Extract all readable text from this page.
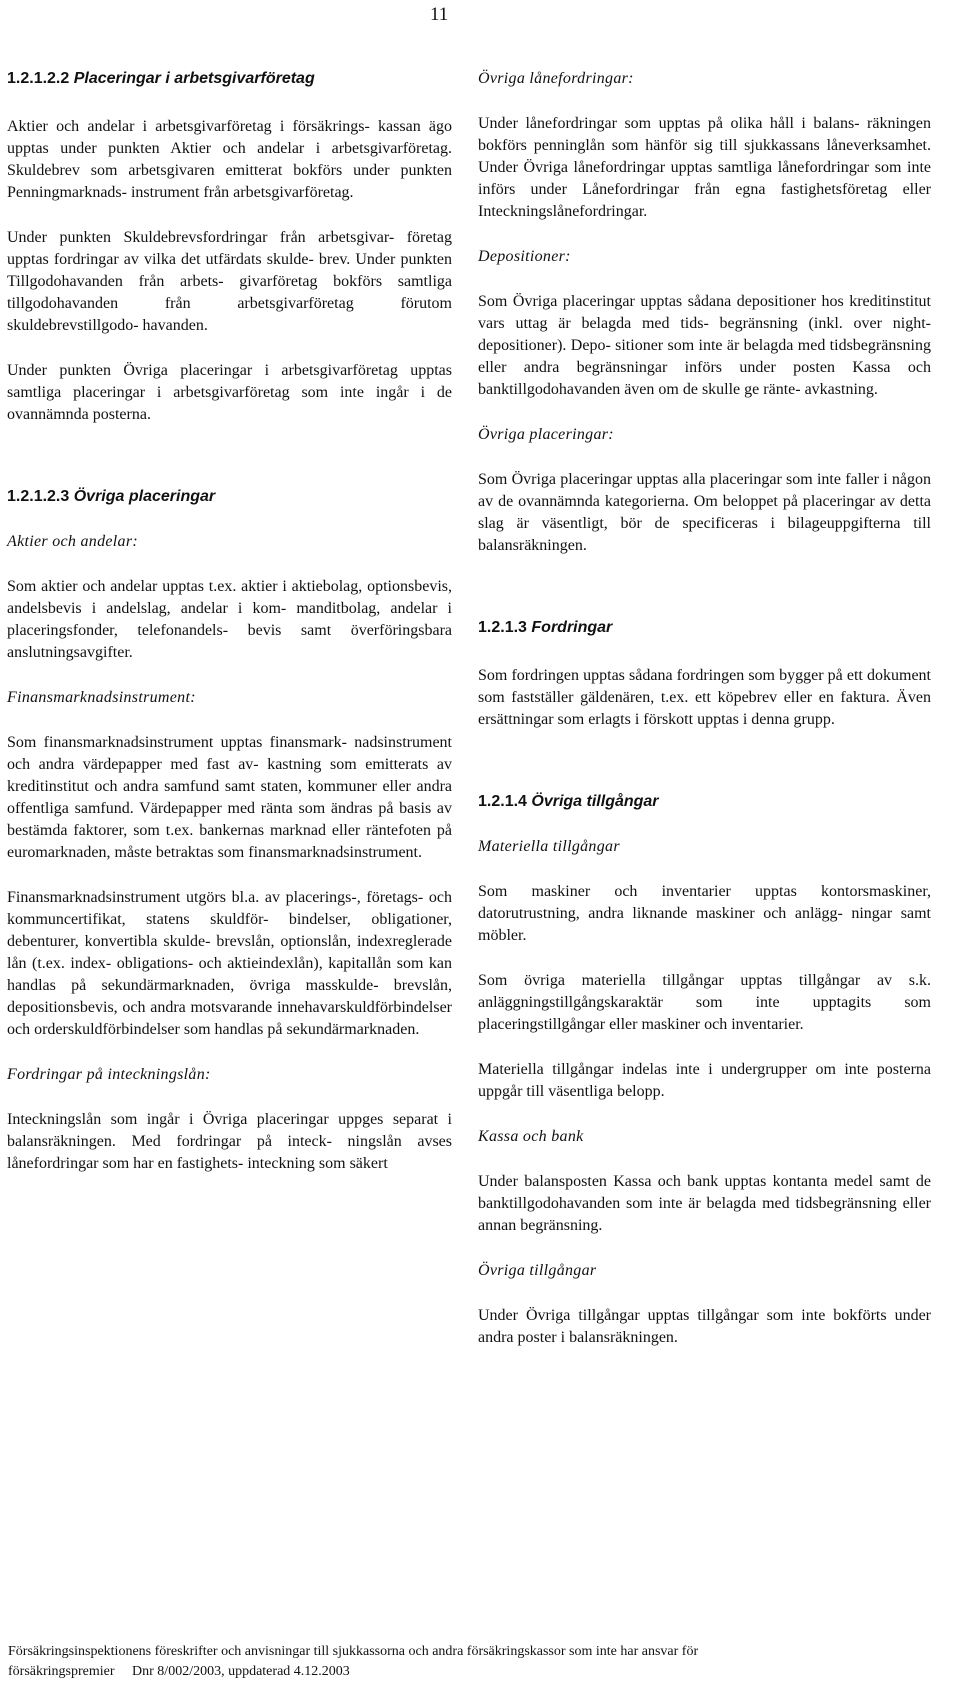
11
1.2.1.2.2 Placeringar i arbetsgivarföretag

Aktier och andelar i arbetsgivarföretag i försäkrings- kassan ägo upptas under punkten Aktier och andelar i arbetsgivarföretag. Skuldebrev som arbetsgivaren emitterat bokförs under punkten Penningmarknads- instrument från arbetsgivarföretag.

Under punkten Skuldebrevsfordringar från arbetsgivar- företag upptas fordringar av vilka det utfärdats skulde- brev. Under punkten Tillgodohavanden från arbets- givarföretag bokförs samtliga tillgodohavanden från arbetsgivarföretag förutom skuldebrevstillgodo- havanden.

Under punkten Övriga placeringar i arbetsgivarföretag upptas samtliga placeringar i arbetsgivarföretag som inte ingår i de ovannämnda posterna.

1.2.1.2.3 Övriga placeringar
Aktier och andelar:

Som aktier och andelar upptas t.ex. aktier i aktiebolag, optionsbevis, andelsbevis i andelslag, andelar i kom- manditbolag, andelar i placeringsfonder, telefonandels- bevis samt överföringsbara anslutningsavgifter.

Finansmarknadsinstrument:

Som finansmarknadsinstrument upptas finansmark- nadsinstrument och andra värdepapper med fast av- kastning som emitterats av kreditinstitut och andra samfund samt staten, kommuner eller andra offentliga samfund. Värdepapper med ränta som ändras på basis av bestämda faktorer, som t.ex. bankernas marknad eller räntefoten på euromarknaden, måste betraktas som finansmarknadsinstrument.

Finansmarknadsinstrument utgörs bl.a. av placerings-, företags- och kommuncertifikat, statens skuldför- bindelser, obligationer, debenturer, konvertibla skulde- brevslån, optionslån, indexreglerade lån (t.ex. index- obligations- och aktieindexlån), kapitallån som kan handlas på sekundärmarknaden, övriga masskulde- brevslån, depositionsbevis, och andra motsvarande innehavarskuldförbindelser och orderskuldförbindelser som handlas på sekundärmarknaden.

Fordringar på inteckningslån:

Inteckningslån som ingår i Övriga placeringar uppges separat i balansräkningen. Med fordringar på inteck- ningslån avses lånefordringar som har en fastighets- inteckning som säkert

Övriga lånefordringar:

Under lånefordringar som upptas på olika håll i balans- räkningen bokförs penninglån som hänför sig till sjukkassans låneverksamhet. Under Övriga lånefordringar upptas samtliga lånefordringar som inte införs under Lånefordringar från egna fastighetsföretag eller Inteckningslånefordringar.

Depositioner:

Som Övriga placeringar upptas sådana depositioner hos kreditinstitut vars uttag är belagda med tids- begränsning (inkl. over night-depositioner). Depo- sitioner som inte är belagda med tidsbegränsning eller andra begränsningar införs under posten Kassa och banktillgodohavanden även om de skulle ge ränte- avkastning.

Övriga placeringar:

Som Övriga placeringar upptas alla placeringar som inte faller i någon av de ovannämnda kategorierna. Om beloppet på placeringar av detta slag är väsentligt, bör de specificeras i bilageuppgifterna till balansräkningen.

1.2.1.3 Fordringar

Som fordringen upptas sådana fordringen som bygger på ett dokument som fastställer gäldenären, t.ex. ett köpebrev eller en faktura. Även ersättningar som erlagts i förskott upptas i denna grupp.

1.2.1.4 Övriga tillgångar
Materiella tillgångar

Som maskiner och inventarier upptas kontorsmaskiner, datorutrustning, andra liknande maskiner och anlägg- ningar samt möbler.

Som övriga materiella tillgångar upptas tillgångar av s.k. anläggningstillgångskaraktär som inte upptagits som placeringstillgångar eller maskiner och inventarier.

Materiella tillgångar indelas inte i undergrupper om inte posterna uppgår till väsentliga belopp.

Kassa och bank

Under balansposten Kassa och bank upptas kontanta medel samt de banktillgodohavanden som inte är belagda med tidsbegränsning eller annan begränsning.

Övriga tillgångar

Under Övriga tillgångar upptas tillgångar som inte bokförts under andra poster i balansräkningen.

Försäkringsinspektionens föreskrifter och anvisningar till sjukkassorna och andra försäkringskassor som inte har ansvar för
försäkringspremier Dnr 8/002/2003, uppdaterad 4.12.2003
